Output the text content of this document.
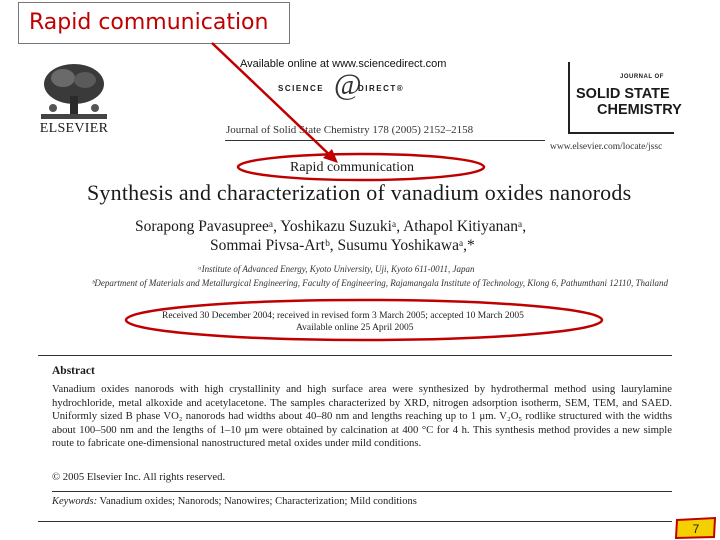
Rapid communication
ELSEVIER
Available online at www.sciencedirect.com
SCIENCE @
DIRECT®
Journal of Solid State Chemistry 178 (2005) 2152–2158
JOURNAL OF
SOLID STATE
CHEMISTRY
www.elsevier.com/locate/jssc
Rapid communication
Synthesis and characterization of vanadium oxides nanorods
Sorapong Pavasupreeᵃ, Yoshikazu Suzukiᵃ, Athapol Kitiyananᵃ,
Sommai Pivsa-Artᵇ, Susumu Yoshikawaᵃ,*
ᵃInstitute of Advanced Energy, Kyoto University, Uji, Kyoto 611-0011, Japan
ᵇDepartment of Materials and Metallurgical Engineering, Faculty of Engineering, Rajamangala Institute of Technology, Klong 6, Pathumthani 12110, Thailand
Received 30 December 2004; received in revised form 3 March 2005; accepted 10 March 2005
Available online 25 April 2005
Abstract
Vanadium oxides nanorods with high crystallinity and high surface area were synthesized by hydrothermal method using laurylamine hydrochloride, metal alkoxide and acetylacetone. The samples characterized by XRD, nitrogen adsorption isotherm, SEM, TEM, and SAED. Uniformly sized B phase VO₂ nanorods had widths about 40–80 nm and lengths reaching up to 1 μm. V₂O₅ rodlike structured with the widths about 100–500 nm and the lengths of 1–10 μm were obtained by calcination at 400 °C for 4 h. This synthesis method provides a new simple route to fabricate one-dimensional nanostructured metal oxides under mild conditions.
© 2005 Elsevier Inc. All rights reserved.
Keywords: Vanadium oxides; Nanorods; Nanowires; Characterization; Mild conditions
7
